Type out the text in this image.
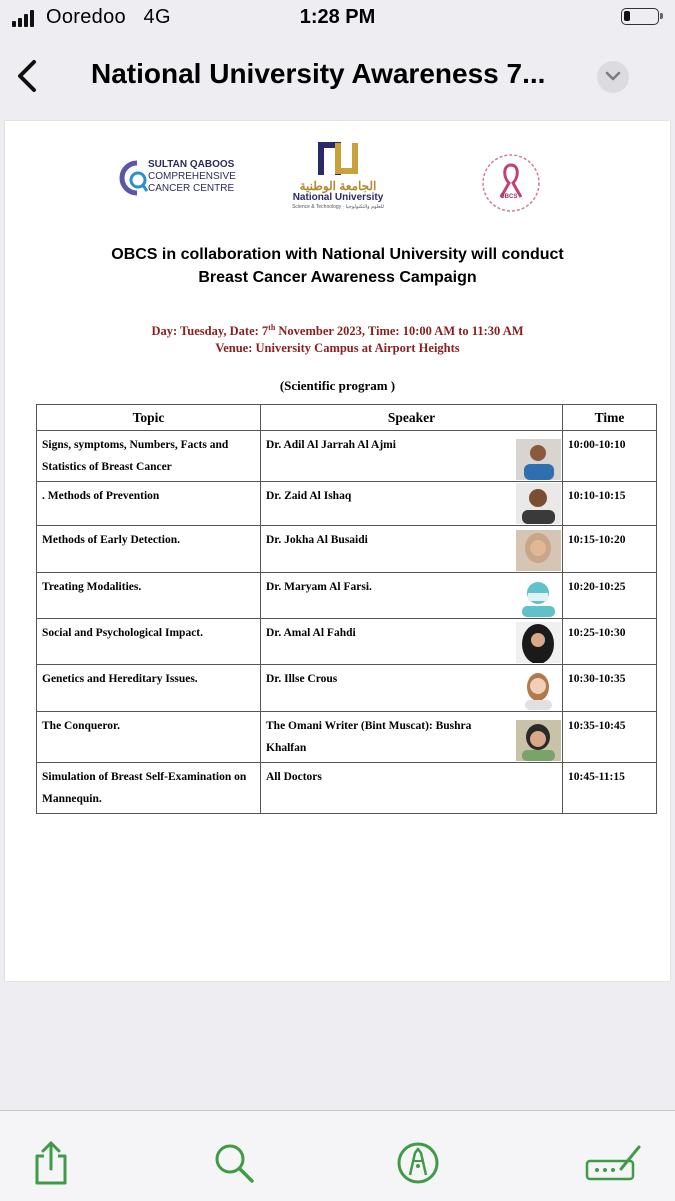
Ooredoo 4G	1:28 PM
National University Awareness 7...
SULTAN QABOOS
COMPREHENSIVE
CANCER CENTRE	الجامعة الوطنية
National University
Science & Technology · للعلوم والتكنولوجيا
OBCS
OBCS in collaboration with National University will conduct
Breast Cancer Awareness Campaign
Day: Tuesday, Date: 7th November 2023, Time: 10:00 AM to 11:30 AM
Venue: University Campus at Airport Heights
(Scientific program )
Topic	Speaker	Time
Signs, symptoms, Numbers, Facts and Statistics of Breast Cancer	Dr. Adil Al Jarrah Al Ajmi	10:00-10:10
. Methods of Prevention	Dr. Zaid Al Ishaq	10:10-10:15
Methods of Early Detection.	Dr. Jokha Al Busaidi	10:15-10:20
Treating Modalities.	Dr. Maryam Al Farsi.	10:20-10:25
Social and Psychological Impact.	Dr. Amal Al Fahdi	10:25-10:30
Genetics and Hereditary Issues.	Dr. Illse Crous	10:30-10:35
The Conqueror.	The Omani Writer (Bint Muscat): Bushra Khalfan	10:35-10:45
Simulation of Breast Self-Examination on Mannequin.	All Doctors	10:45-11:15
